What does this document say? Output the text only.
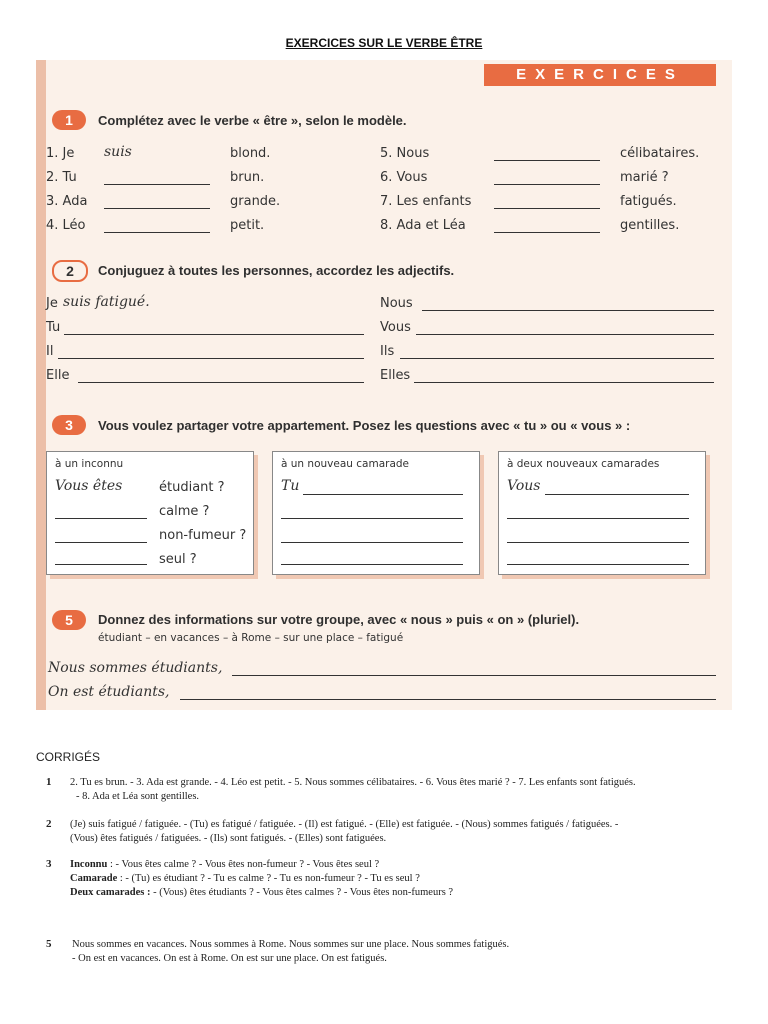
EXERCICES SUR LE VERBE ÊTRE
EXERCICES
1	Complétez avec le verbe « être », selon le modèle.
1. Je suis	blond.
2. Tu	brun.
3. Ada	grande.
4. Léo	petit.
5. Nous	célibataires.
6. Vous	marié ?
7. Les enfants	fatigués.
8. Ada et Léa	gentilles.
2	Conjuguez à toutes les personnes, accordez les adjectifs.
Je suis fatigué.
Tu
Il
Elle
Nous
Vous
Ils
Elles
3	Vous voulez partager votre appartement. Posez les questions avec « tu » ou « vous » :
à un inconnu
Vous êtes	étudiant ?
calme ?
non-fumeur ?
seul ?
à un nouveau camarade
Tu
à deux nouveaux camarades
Vous
5	Donnez des informations sur votre groupe, avec « nous » puis « on » (pluriel).
étudiant – en vacances – à Rome – sur une place – fatigué
Nous sommes étudiants,
On est étudiants,
CORRIGÉS
1 2. Tu es brun. - 3. Ada est grande. - 4. Léo est petit. - 5. Nous sommes célibataires. - 6. Vous êtes marié ? - 7. Les enfants sont fatigués.
- 8. Ada et Léa sont gentilles.
2 (Je) suis fatigué / fatiguée. - (Tu) es fatigué / fatiguée. - (Il) est fatigué. - (Elle) est fatiguée. - (Nous) sommes fatigués / fatiguées. -
(Vous) êtes fatigués / fatiguées. - (Ils) sont fatigués. - (Elles) sont fatiguées.
3 Inconnu : - Vous êtes calme ? - Vous êtes non-fumeur ? - Vous êtes seul ?
Camarade : - (Tu) es étudiant ? - Tu es calme ? - Tu es non-fumeur ? - Tu es seul ?
Deux camarades : - (Vous) êtes étudiants ? - Vous êtes calmes ? - Vous êtes non-fumeurs ?
5 Nous sommes en vacances. Nous sommes à Rome. Nous sommes sur une place. Nous sommes fatigués.
- On est en vacances. On est à Rome. On est sur une place. On est fatigués.
